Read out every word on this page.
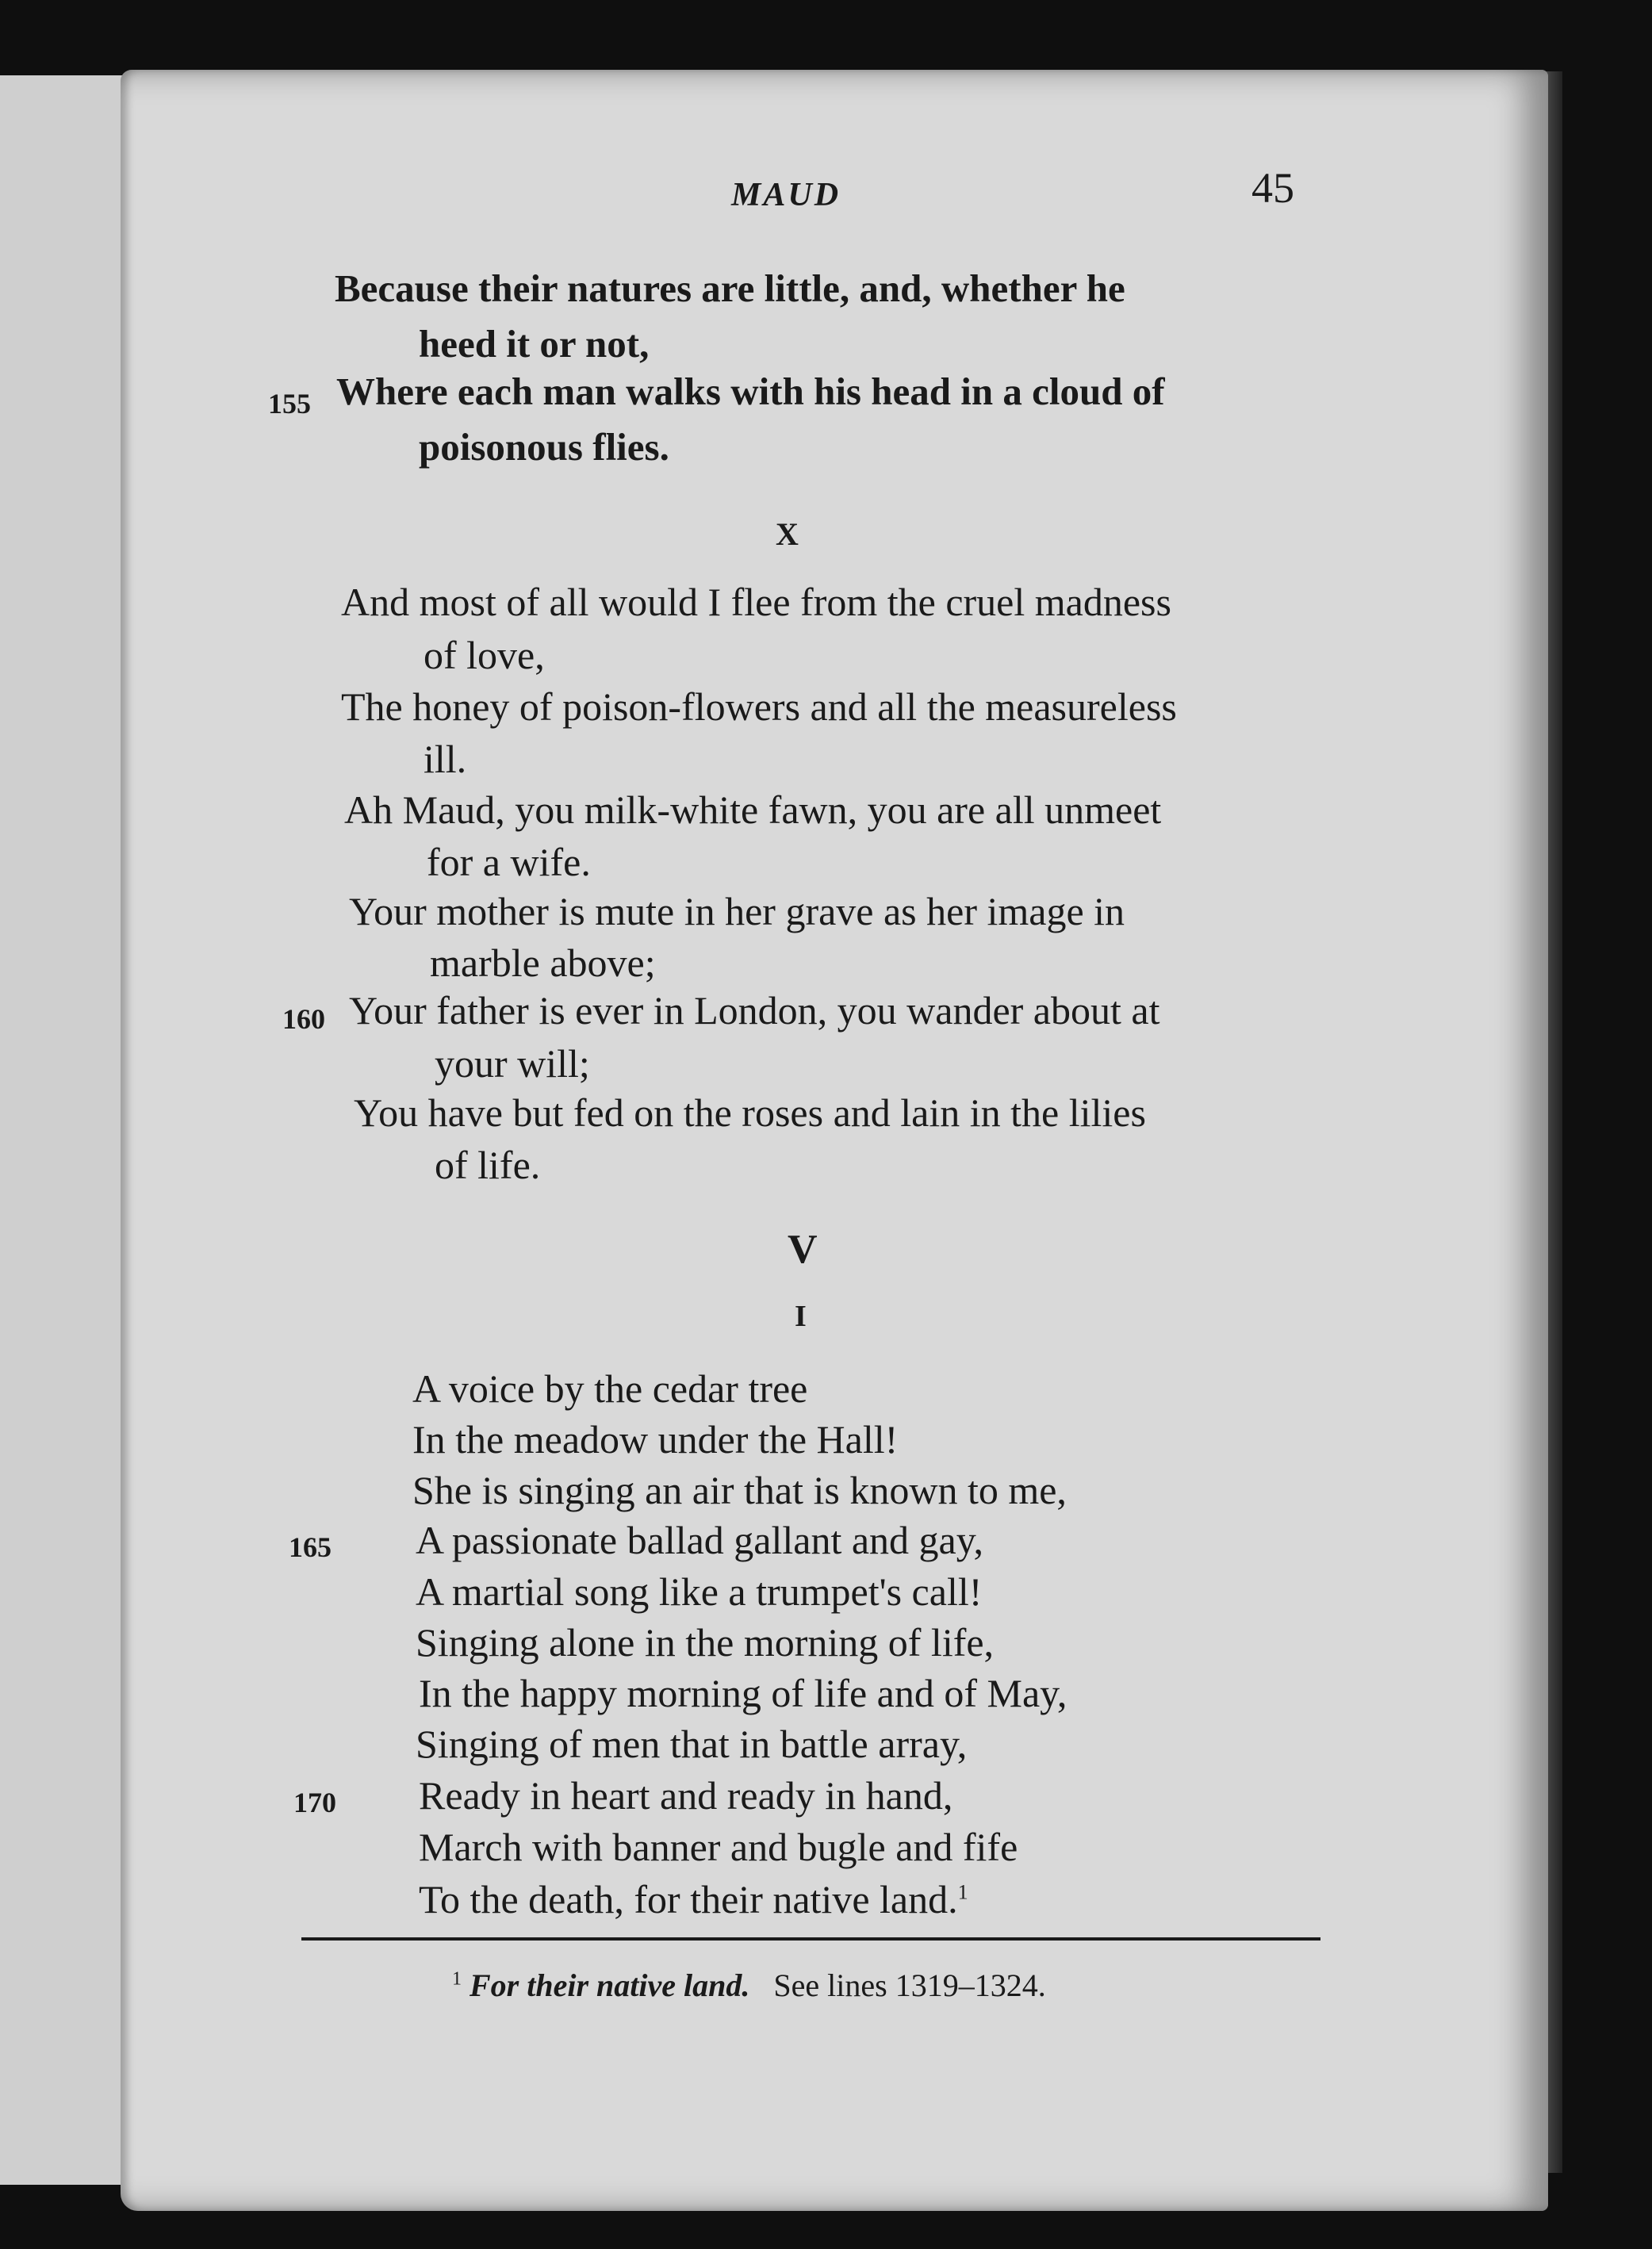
MAUD	45
Because their natures are little, and, whether he
heed it or not,
155 Where each man walks with his head in a cloud of
poisonous flies.
X
And most of all would I flee from the cruel madness
of love,
The honey of poison-flowers and all the measureless
ill.
Ah Maud, you milk-white fawn, you are all unmeet
for a wife.
Your mother is mute in her grave as her image in
marble above;
160 Your father is ever in London, you wander about at
your will;
You have but fed on the roses and lain in the lilies
of life.
V
I
A voice by the cedar tree
In the meadow under the Hall!
She is singing an air that is known to me,
165 A passionate ballad gallant and gay,
A martial song like a trumpet's call!
Singing alone in the morning of life,
In the happy morning of life and of May,
Singing of men that in battle array,
170 Ready in heart and ready in hand,
March with banner and bugle and fife
To the death, for their native land.$^1$
$^1$ For their native land. See lines 1319–1324.
